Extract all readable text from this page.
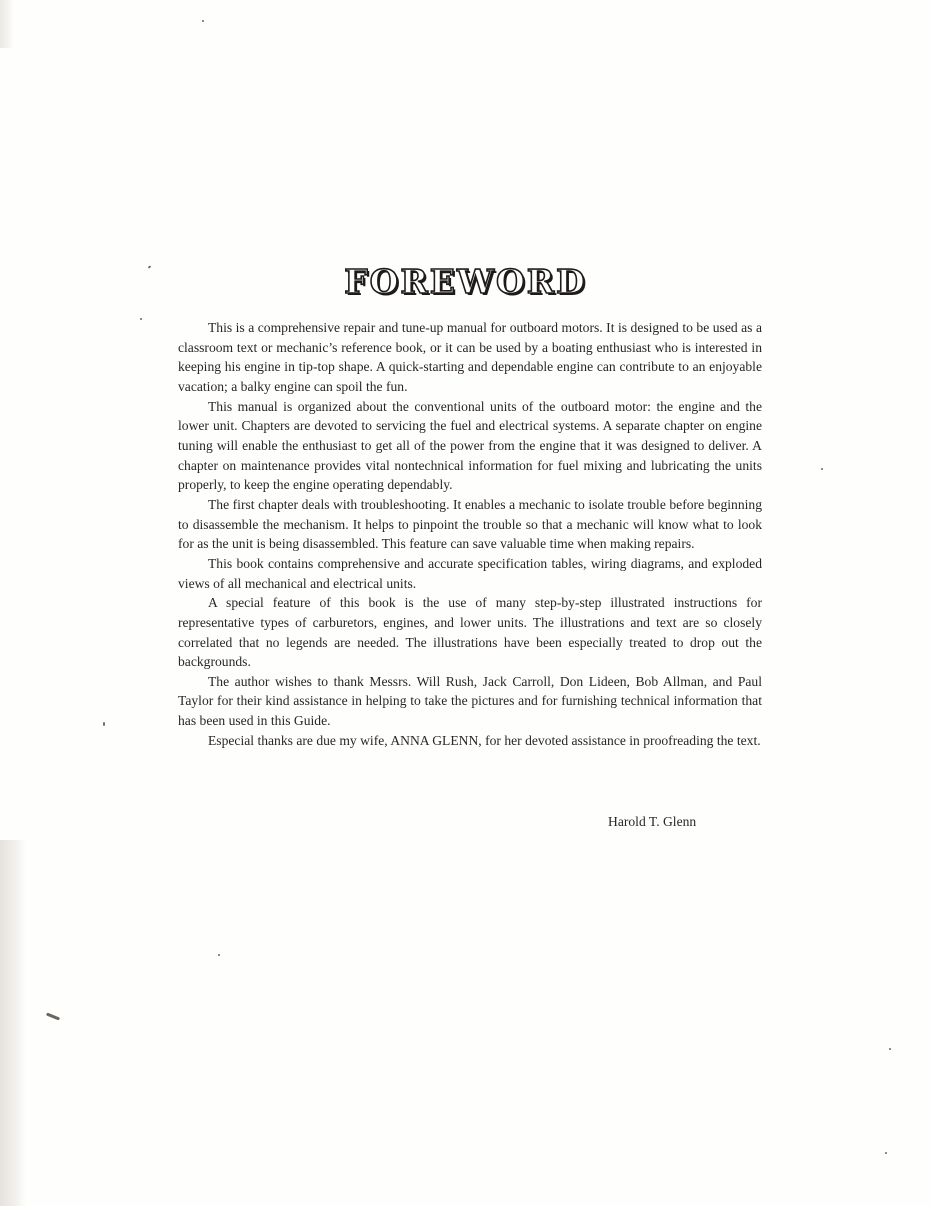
FOREWORD

This is a comprehensive repair and tune-up manual for outboard motors. It is designed to be used as a classroom text or mechanic’s reference book, or it can be used by a boating enthusiast who is interested in keeping his engine in tip-top shape. A quick-starting and dependable engine can contribute to an enjoyable vacation; a balky engine can spoil the fun.

This manual is organized about the conventional units of the outboard motor: the engine and the lower unit. Chapters are devoted to servicing the fuel and electrical systems. A separate chapter on engine tuning will enable the enthusiast to get all of the power from the engine that it was designed to deliver. A chapter on maintenance provides vital nontechnical information for fuel mixing and lubricating the units properly, to keep the engine operating dependably.

The first chapter deals with troubleshooting. It enables a mechanic to isolate trouble before beginning to disassemble the mechanism. It helps to pinpoint the trouble so that a mechanic will know what to look for as the unit is being disassembled. This feature can save valuable time when making repairs.

This book contains comprehensive and accurate specification tables, wiring diagrams, and exploded views of all mechanical and electrical units.

A special feature of this book is the use of many step-by-step illustrated instructions for representative types of carburetors, engines, and lower units. The illustrations and text are so closely correlated that no legends are needed. The illustrations have been especially treated to drop out the backgrounds.

The author wishes to thank Messrs. Will Rush, Jack Carroll, Don Lideen, Bob Allman, and Paul Taylor for their kind assistance in helping to take the pictures and for furnishing technical information that has been used in this Guide.

Especial thanks are due my wife, ANNA GLENN, for her devoted assistance in proofreading the text.

Harold T. Glenn
